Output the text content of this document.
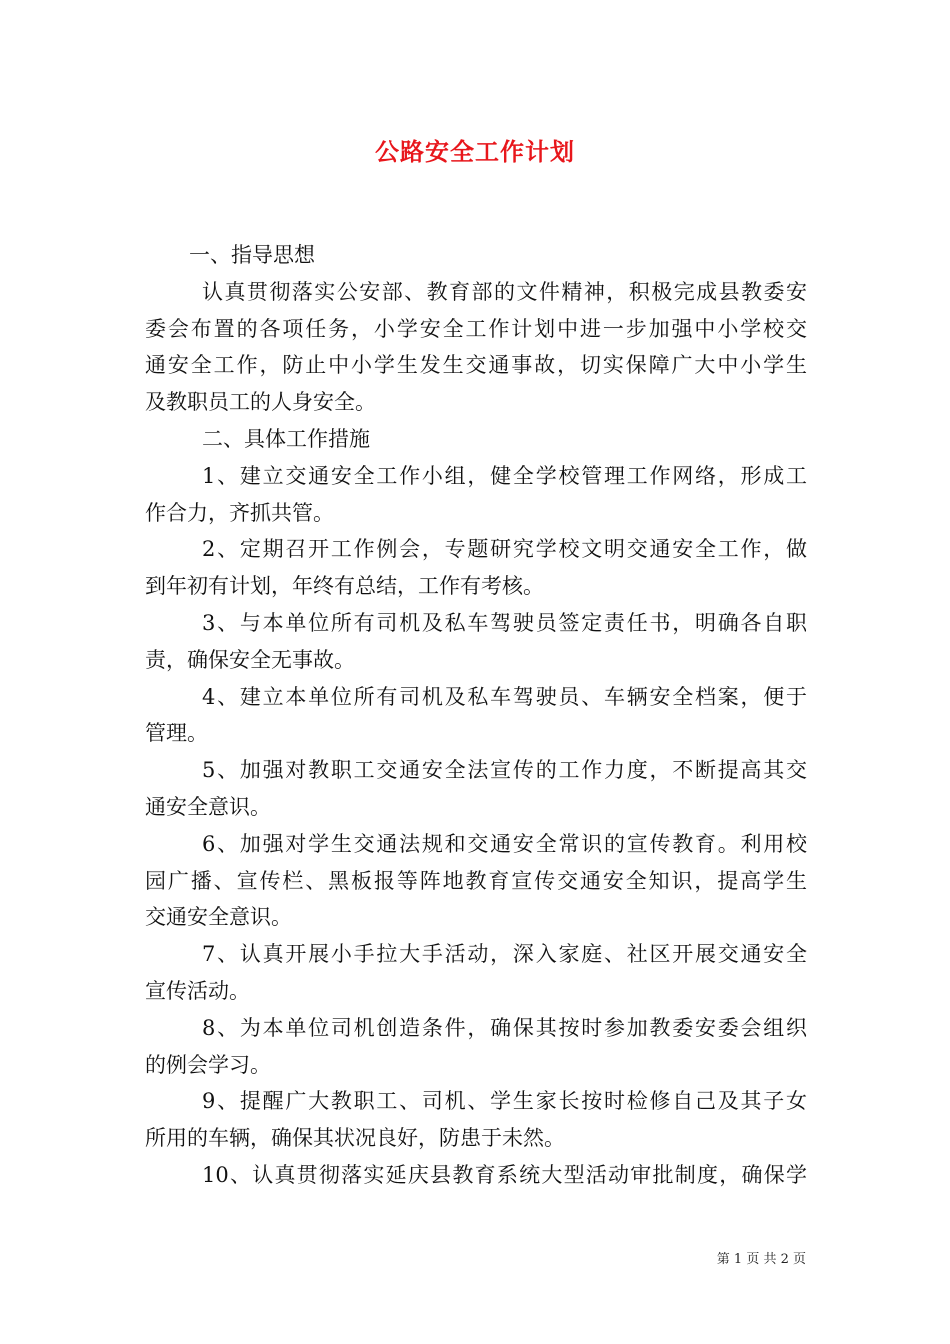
公路安全工作计划
一、指导思想
认真贯彻落实公安部、教育部的文件精神，积极完成县教委安
委会布置的各项任务，小学安全工作计划中进一步加强中小学校交
通安全工作，防止中小学生发生交通事故，切实保障广大中小学生
及教职员工的人身安全。
二、具体工作措施
1、建立交通安全工作小组，健全学校管理工作网络，形成工
作合力，齐抓共管。
2、定期召开工作例会，专题研究学校文明交通安全工作，做
到年初有计划，年终有总结，工作有考核。
3、与本单位所有司机及私车驾驶员签定责任书，明确各自职
责，确保安全无事故。
4、建立本单位所有司机及私车驾驶员、车辆安全档案，便于
管理。
5、加强对教职工交通安全法宣传的工作力度，不断提高其交
通安全意识。
6、加强对学生交通法规和交通安全常识的宣传教育。利用校
园广播、宣传栏、黑板报等阵地教育宣传交通安全知识，提高学生
交通安全意识。
7、认真开展小手拉大手活动，深入家庭、社区开展交通安全
宣传活动。
8、为本单位司机创造条件，确保其按时参加教委安委会组织
的例会学习。
9、提醒广大教职工、司机、学生家长按时检修自己及其子女
所用的车辆，确保其状况良好，防患于未然。
10、认真贯彻落实延庆县教育系统大型活动审批制度，确保学
第 1 页 共 2 页
